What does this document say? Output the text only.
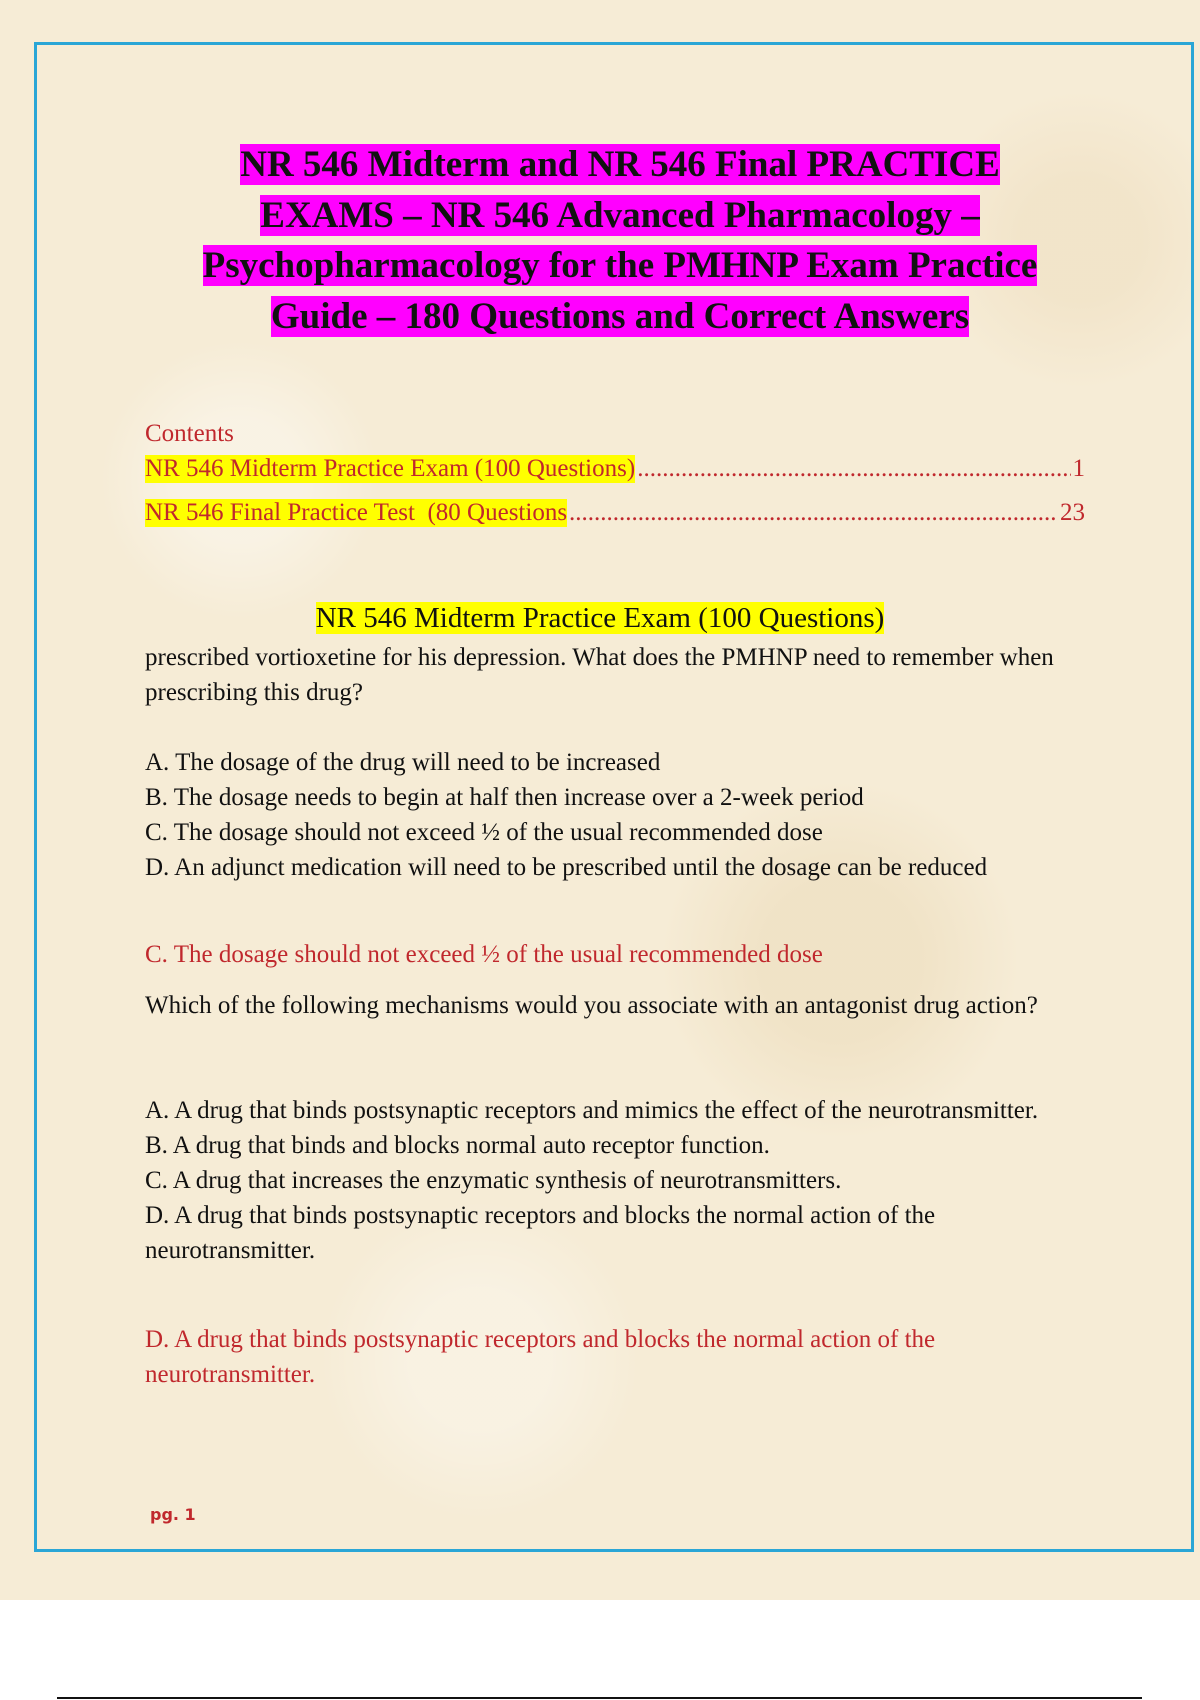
NR 546 Midterm and NR 546 Final PRACTICE
EXAMS – NR 546 Advanced Pharmacology –
Psychopharmacology for the PMHNP Exam Practice
Guide – 180 Questions and Correct Answers
Contents
NR 546 Midterm Practice Exam (100 Questions) .....	1
NR 546 Final Practice Test  (80 Questions .....	23
NR 546 Midterm Practice Exam (100 Questions)
prescribed vortioxetine for his depression. What does the PMHNP need to remember when prescribing this drug?
A. The dosage of the drug will need to be increased
B. The dosage needs to begin at half then increase over a 2-week period
C. The dosage should not exceed ½ of the usual recommended dose
D. An adjunct medication will need to be prescribed until the dosage can be reduced
C. The dosage should not exceed ½ of the usual recommended dose
Which of the following mechanisms would you associate with an antagonist drug action?
A. A drug that binds postsynaptic receptors and mimics the effect of the neurotransmitter.
B. A drug that binds and blocks normal auto receptor function.
C. A drug that increases the enzymatic synthesis of neurotransmitters.
D. A drug that binds postsynaptic receptors and blocks the normal action of the neurotransmitter.
D. A drug that binds postsynaptic receptors and blocks the normal action of the neurotransmitter.
pg. 1
